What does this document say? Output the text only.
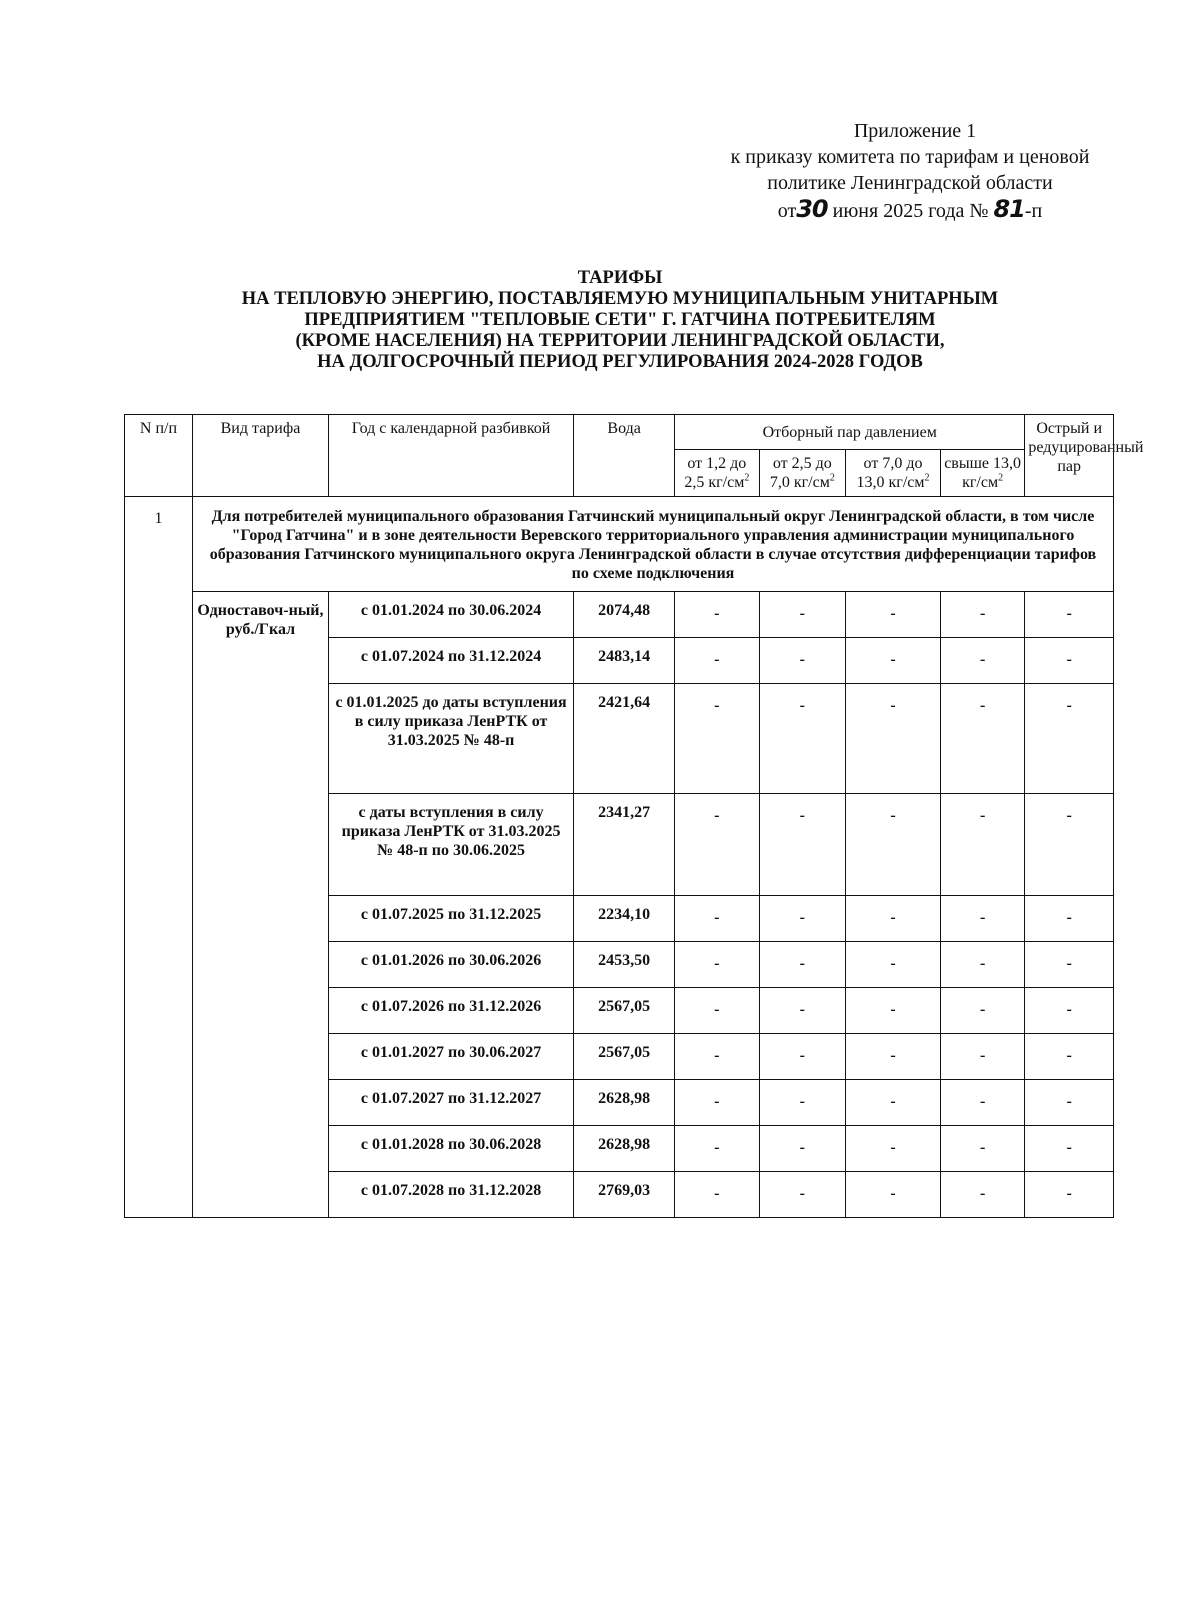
Приложение 1
к приказу комитета по тарифам и ценовой
политике Ленинградской области
от30 июня 2025 года № 81-п
ТАРИФЫ
НА ТЕПЛОВУЮ ЭНЕРГИЮ, ПОСТАВЛЯЕМУЮ МУНИЦИПАЛЬНЫМ УНИТАРНЫМ
ПРЕДПРИЯТИЕМ "ТЕПЛОВЫЕ СЕТИ" Г. ГАТЧИНА ПОТРЕБИТЕЛЯМ
(КРОМЕ НАСЕЛЕНИЯ) НА ТЕРРИТОРИИ ЛЕНИНГРАДСКОЙ ОБЛАСТИ,
НА ДОЛГОСРОЧНЫЙ ПЕРИОД РЕГУЛИРОВАНИЯ 2024-2028 ГОДОВ
N п/п	Вид тарифа	Год с календарной разбивкой	Вода	Отборный пар давлением				Острый и редуцированный пар
				от 1,2 до 2,5 $кг/см^2$	от 2,5 до 7,0 $кг/см^2$	от 7,0 до 13,0 $кг/см^2$	свыше 13,0 $кг/см^2$
1	Для потребителей муниципального образования Гатчинский муниципальный округ Ленинградской области, в том числе "Город Гатчина" и в зоне деятельности Веревского территориального управления администрации муниципального образования Гатчинского муниципального округа Ленинградской области в случае отсутствия дифференциации тарифов по схеме подключения							
	Одноставоч-ный, руб./Гкал	с 01.01.2024 по 30.06.2024	2074,48	-	-	-	-	-
		с 01.07.2024 по 31.12.2024	2483,14	-	-	-	-	-
		с 01.01.2025 до даты вступления в силу приказа ЛенРТК от 31.03.2025 № 48-п	2421,64	-	-	-	-	-
		с даты вступления в силу приказа ЛенРТК от 31.03.2025 № 48-п по 30.06.2025	2341,27	-	-	-	-	-
		с 01.07.2025 по 31.12.2025	2234,10	-	-	-	-	-
		с 01.01.2026 по 30.06.2026	2453,50	-	-	-	-	-
		с 01.07.2026 по 31.12.2026	2567,05	-	-	-	-	-
		с 01.01.2027 по 30.06.2027	2567,05	-	-	-	-	-
		с 01.07.2027 по 31.12.2027	2628,98	-	-	-	-	-
		с 01.01.2028 по 30.06.2028	2628,98	-	-	-	-	-
		с 01.07.2028 по 31.12.2028	2769,03	-	-	-	-	-
